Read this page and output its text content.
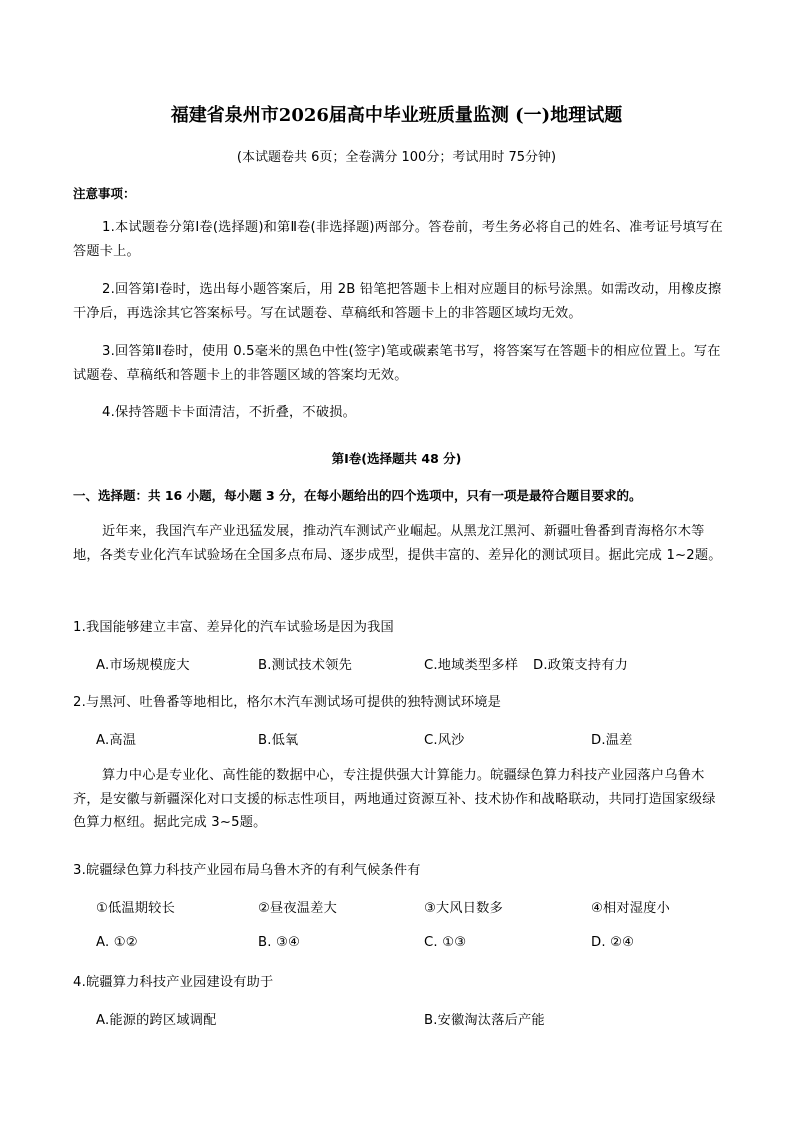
福建省泉州市2026届高中毕业班质量监测 (一)地理试题
(本试题卷共 6页；全卷满分 100分；考试用时 75分钟)
注意事项：
1.本试题卷分第Ⅰ卷(选择题)和第Ⅱ卷(非选择题)两部分。答卷前，考生务必将自己的姓名、准考证号填写在答题卡上。
2.回答第Ⅰ卷时，选出每小题答案后，用 2B 铅笔把答题卡上相对应题目的标号涂黑。如需改动，用橡皮擦干净后，再选涂其它答案标号。写在试题卷、草稿纸和答题卡上的非答题区域均无效。
3.回答第Ⅱ卷时，使用 0.5毫米的黑色中性(签字)笔或碳素笔书写，将答案写在答题卡的相应位置上。写在试题卷、草稿纸和答题卡上的非答题区域的答案均无效。
4.保持答题卡卡面清洁，不折叠，不破损。
第Ⅰ卷(选择题共 48 分)
一、选择题：共 16 小题，每小题 3 分，在每小题给出的四个选项中，只有一项是最符合题目要求的。
近年来，我国汽车产业迅猛发展，推动汽车测试产业崛起。从黑龙江黑河、新疆吐鲁番到青海格尔木等地，各类专业化汽车试验场在全国多点布局、逐步成型，提供丰富的、差异化的测试项目。据此完成 1~2题。
1.我国能够建立丰富、差异化的汽车试验场是因为我国
A.市场规模庞大	B.测试技术领先	C.地域类型多样 D.政策支持有力
2.与黑河、吐鲁番等地相比，格尔木汽车测试场可提供的独特测试环境是
A.高温	B.低氧	C.风沙	D.温差
算力中心是专业化、高性能的数据中心，专注提供强大计算能力。皖疆绿色算力科技产业园落户乌鲁木齐，是安徽与新疆深化对口支援的标志性项目，两地通过资源互补、技术协作和战略联动，共同打造国家级绿色算力枢纽。据此完成 3~5题。
3.皖疆绿色算力科技产业园布局乌鲁木齐的有利气候条件有
①低温期较长	②昼夜温差大	③大风日数多	④相对湿度小
A. ①②	B. ③④	C. ①③	D. ②④
4.皖疆算力科技产业园建设有助于
A.能源的跨区域调配	B.安徽淘汰落后产能
